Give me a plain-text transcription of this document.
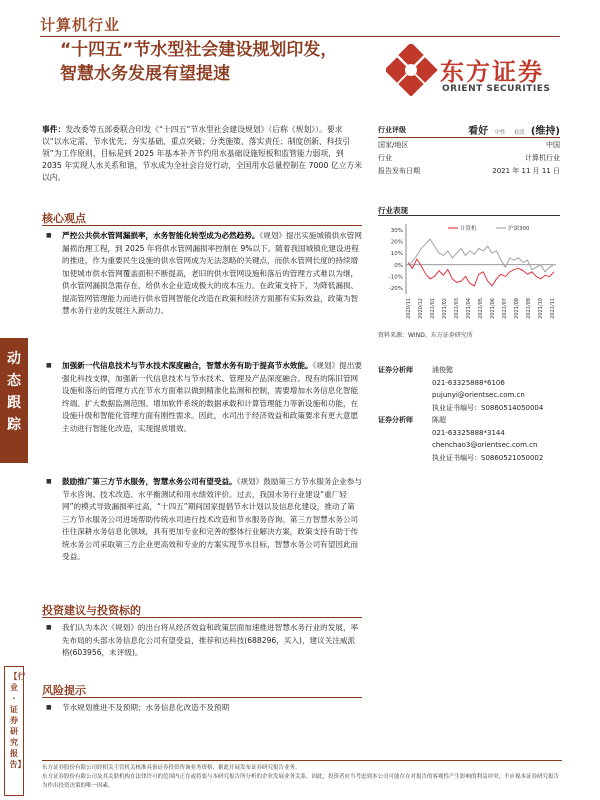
计算机行业
“十四五”节水型社会建设规划印发，
智慧水务发展有望提速	东方证券
ORIENT SECURITIES
事件：发改委等五部委联合印发《“十四五”节水型社会建设规划》（后称《规划》）。要求以“以水定需、节水优先；夯实基础、重点突破；分类施策、落实责任；制度创新、科技引领”为工作原则，目标是到 2025 年基本补齐节约用水基础设施短板和监管能力弱项，到 2035 年实现人水关系和谐，节水成为全社会自觉行动，全国用水总量控制在 7000 亿立方米以内。
行业评级	看好 中性 看淡 (维持)
国家/地区	中国
行业	计算机行业
报告发布日期	2021 年 11 月 11 日
核心观点
■ 严控公共供水管网漏损率，水务智能化转型成为必然趋势。《规划》提出实施城镇供水管网漏损治理工程，到 2025 年将供水管网漏损率控制在 9%以下。随着我国城镇化建设进程的推进，作为重要民生设施的供水管网成为无法忽略的关键点，而供水管网长度的持续增加使城市供水管网覆盖面积不断提高，老旧的供水管网设施和落后的管理方式难以为继，供水管网漏损急需存在，给供水企业造成极大的成本压力。在政策支持下，为降低漏损、提高管网管理能力而进行供水管网智能化改造在政策和经济方面都有实际效益，政策为智慧水务行业的发展注入新动力。
■ 加强新一代信息技术与节水技术深度融合，智慧水务有助于提高节水效能。《规划》提出要强化科技支撑，加强新一代信息技术与节水技术、管理及产品深度融合。现有的陈旧管网设施和落后的管理方式在节水方面难以做到精准化监测和控制，需要增加水务信息化智能终端、扩大数据监测范围、增加软件系统的数据承载和计算管理能力等新设施和功能，在设施升级和智能化管理方面有刚性需求。因此，水司出于经济效益和政策要求有更大意愿主动进行智能化改造，实现提质增效。
■ 鼓励推广第三方节水服务，智慧水务公司有望受益。《规划》鼓励第三方节水服务企业参与节水咨询、技术改造、水平衡测试和用水绩效评价。过去，我国水务行业建设“重厂轻网”的模式导致漏损率过高，“十四五”期间国家提倡节水计划以及信息化建设，推动了第三方节水服务公司进场帮助传统水司进行技术改造和节水服务咨询。第三方智慧水务公司往往深耕水务信息化领域，具有更加专业和完善的整体行业解决方案，政策支持有助于传统水务公司采取第三方企业更高效和专业的方案实现节水目标，智慧水务公司有望因此而受益。
投资建议与投资标的
■ 我们认为本次《规划》的出台将从经济效益和政策层面加速推进智慧水务行业的发展，率先布局的头部水务信息化公司有望受益，推荐和达科技(688296，买入)，建议关注威派格(603956，未评级)。
风险提示
■ 节水规划推进不及预期；水务信息化改造不及预期
动态跟踪
【行业·证券研究报告】
行业表现
30%
20%
10%
0%
-10%
-20%
2020/11 2020/12 2021/01 2021/02 2021/03 2021/04 2021/05 2021/06 2021/07 2021/08 2021/09 2021/10 2021/11
计算机	沪深300
资料来源：WIND、东方证券研究所
证券分析师	浦俊懿
021-63325888*6106
pujunyi@orientsec.com.cn
执业证书编号：S0860514050004
证券分析师	陈超
021-63325888*3144
chenchao3@orientsec.com.cn
执业证书编号：S0860521050002
东方证券股份有限公司经相关主管机关核准具备证券投资咨询业务资格，据此开展发布证券研究报告业务。
东方证券股份有限公司及其关联机构在法律许可的范围内正在或将要与本研究报告所分析的企业发展业务关系。因此，投资者应当考虑到本公司可能存在对报告的客观性产生影响的利益冲突，不应视本证券研究报告为作出投资决策的唯一因素。
